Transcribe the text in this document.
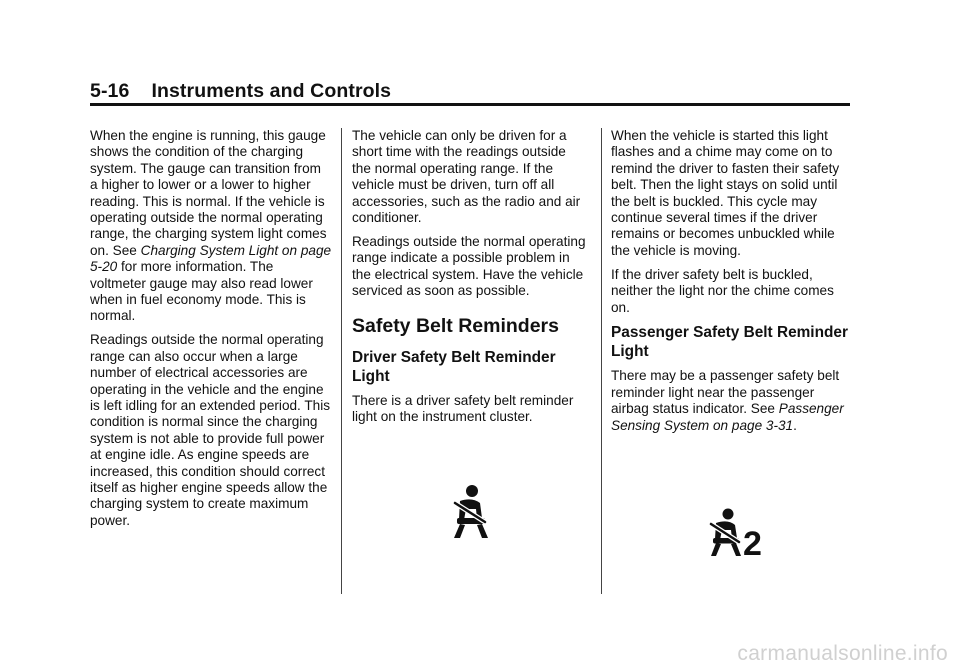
5-16 Instruments and Controls

When the engine is running, this gauge shows the condition of the charging system. The gauge can transition from a higher to lower or a lower to higher reading. This is normal. If the vehicle is operating outside the normal operating range, the charging system light comes on. See Charging System Light on page 5-20 for more information. The voltmeter gauge may also read lower when in fuel economy mode. This is normal.

Readings outside the normal operating range can also occur when a large number of electrical accessories are operating in the vehicle and the engine is left idling for an extended period. This condition is normal since the charging system is not able to provide full power at engine idle. As engine speeds are increased, this condition should correct itself as higher engine speeds allow the charging system to create maximum power.

The vehicle can only be driven for a short time with the readings outside the normal operating range. If the vehicle must be driven, turn off all accessories, such as the radio and air conditioner.

Readings outside the normal operating range indicate a possible problem in the electrical system. Have the vehicle serviced as soon as possible.

Safety Belt Reminders
Driver Safety Belt Reminder Light

There is a driver safety belt reminder light on the instrument cluster.

When the vehicle is started this light flashes and a chime may come on to remind the driver to fasten their safety belt. Then the light stays on solid until the belt is buckled. This cycle may continue several times if the driver remains or becomes unbuckled while the vehicle is moving.

If the driver safety belt is buckled, neither the light nor the chime comes on.

Passenger Safety Belt Reminder Light

There may be a passenger safety belt reminder light near the passenger airbag status indicator. See Passenger Sensing System on page 3-31.

2
carmanualsonline.info
